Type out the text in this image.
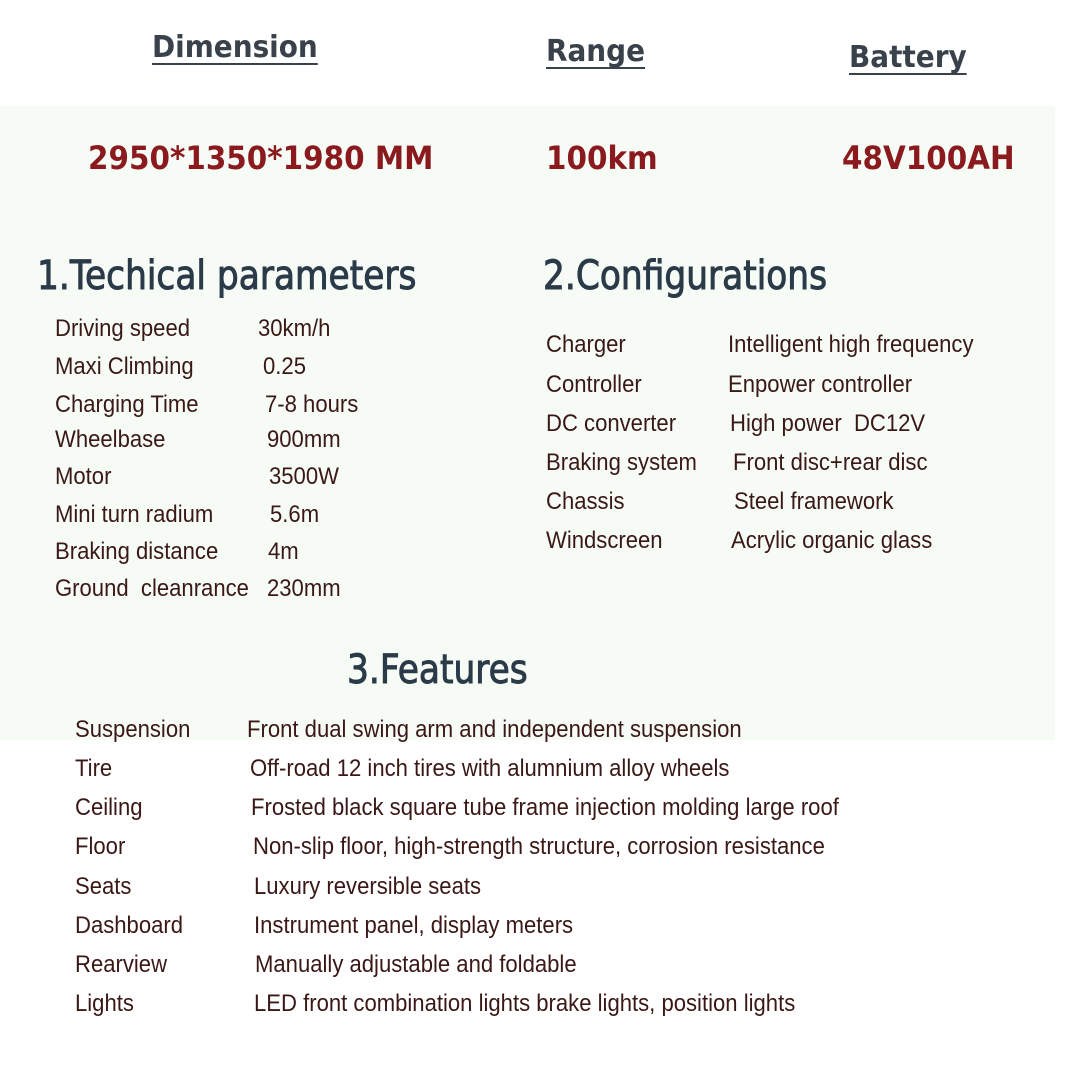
Dimension	Range	Battery
2950*1350*1980 MM	100km	48V100AH
1.Techical parameters	2.Configurations
3.Features
Driving speed	30km/h
Maxi Climbing	0.25
Charging Time	7-8 hours
Wheelbase	900mm
Motor	3500W
Mini turn radium 5.6m
Braking distance 4m
Ground  cleanrance 230mm
Charger	Intelligent high frequency
Controller	Enpower controller
DC converter High power  DC12V
Braking system Front disc+rear disc
Chassis	Steel framework
Windscreen	Acrylic organic glass
Suspension Front dual swing arm and independent suspension
Tire	Off-road 12 inch tires with alumnium alloy wheels
Ceiling	Frosted black square tube frame injection molding large roof
Floor	Non-slip floor, high-strength structure, corrosion resistance
Seats	Luxury reversible seats
Dashboard	Instrument panel, display meters
Rearview	Manually adjustable and foldable
Lights	LED front combination lights brake lights, position lights
